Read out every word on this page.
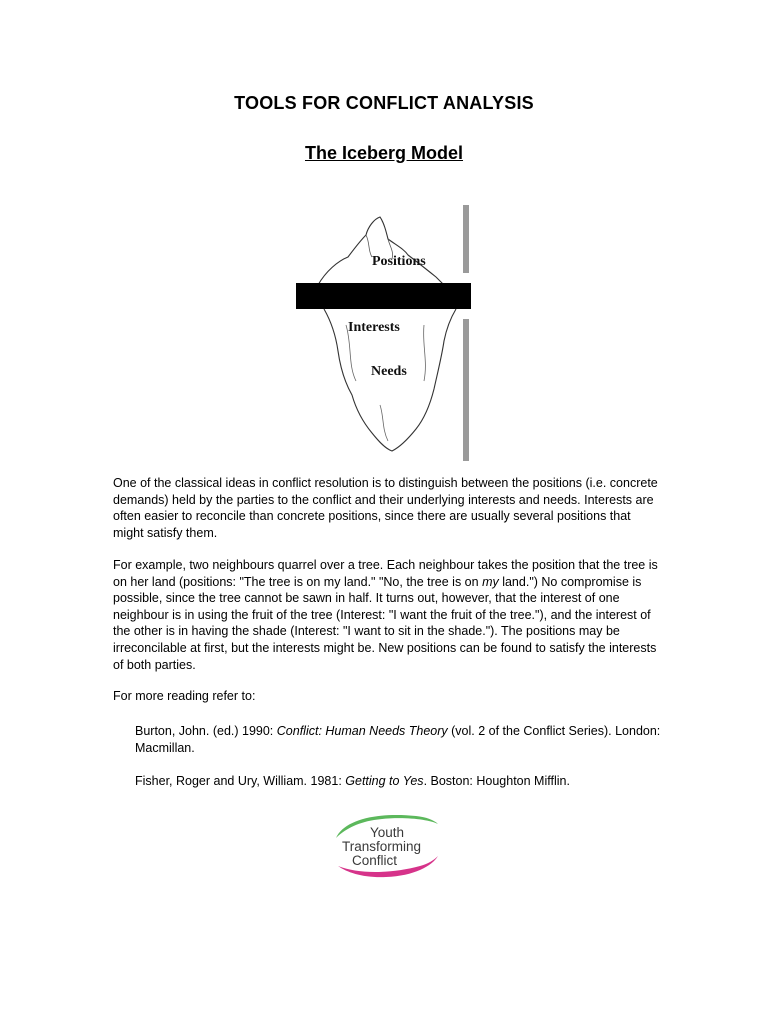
TOOLS FOR CONFLICT ANALYSIS
The Iceberg Model
Positions
Interests
Needs

One of the classical ideas in conflict resolution is to distinguish between the positions (i.e. concrete demands) held by the parties to the conflict and their underlying interests and needs. Interests are often easier to reconcile than concrete positions, since there are usually several positions that might satisfy them.

For example, two neighbours quarrel over a tree. Each neighbour takes the position that the tree is on her land (positions: "The tree is on my land." "No, the tree is on my land.") No compromise is possible, since the tree cannot be sawn in half. It turns out, however, that the interest of one neighbour is in using the fruit of the tree (Interest: "I want the fruit of the tree."), and the interest of the other is in having the shade (Interest: "I want to sit in the shade."). The positions may be irreconcilable at first, but the interests might be. New positions can be found to satisfy the interests of both parties.

For more reading refer to:

Burton, John. (ed.) 1990: Conflict: Human Needs Theory (vol. 2 of the Conflict Series). London: Macmillan.

Fisher, Roger and Ury, William. 1981: Getting to Yes. Boston: Houghton Mifflin.

Youth
Transforming
Conflict
